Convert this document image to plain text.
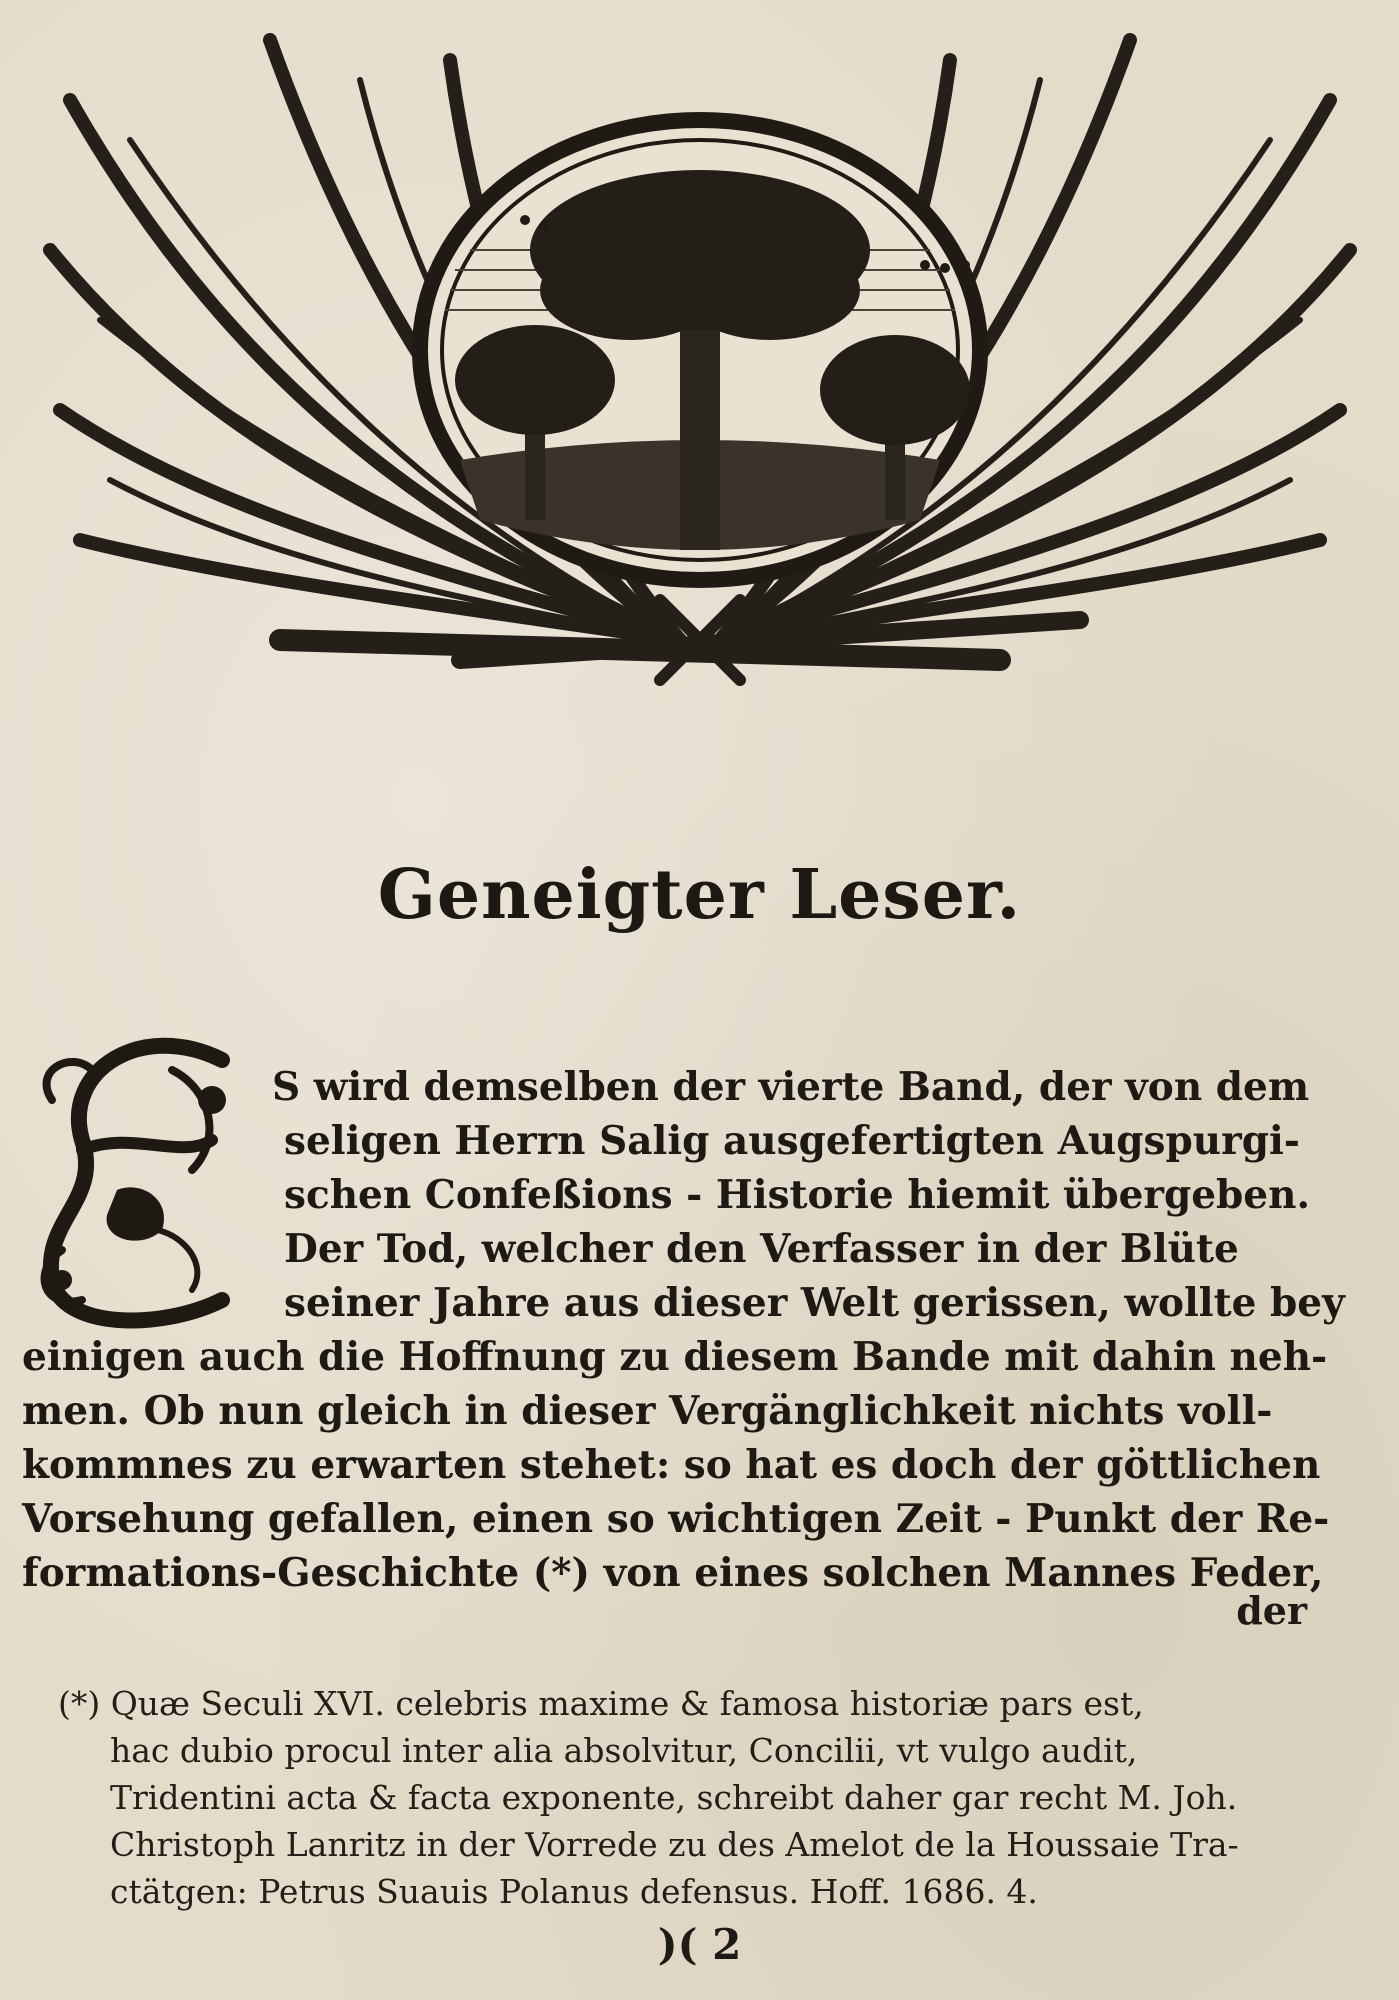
Geneigter Leser.
S wird demselben der vierte Band, der von dem
seligen Herrn Salig ausgefertigten Augspurgi-
schen Confeßions - Historie hiemit übergeben.
Der Tod, welcher den Verfasser in der Blüte
seiner Jahre aus dieser Welt gerissen, wollte bey
einigen auch die Hoffnung zu diesem Bande mit dahin neh-
men. Ob nun gleich in dieser Vergänglichkeit nichts voll-
kommnes zu erwarten stehet: so hat es doch der göttlichen
Vorsehung gefallen, einen so wichtigen Zeit - Punkt der Re-
formations-Geschichte (*) von eines solchen Mannes Feder,
der
(*) Quæ Seculi XVI. celebris maxime & famosa historiæ pars est,
hac dubio procul inter alia absolvitur, Concilii, vt vulgo audit,
Tridentini acta & facta exponente, schreibt daher gar recht M. Joh.
Christoph Lanritz in der Vorrede zu des Amelot de la Houssaie Tra-
ctätgen: Petrus Suauis Polanus defensus. Hoff. 1686. 4.
)( 2
